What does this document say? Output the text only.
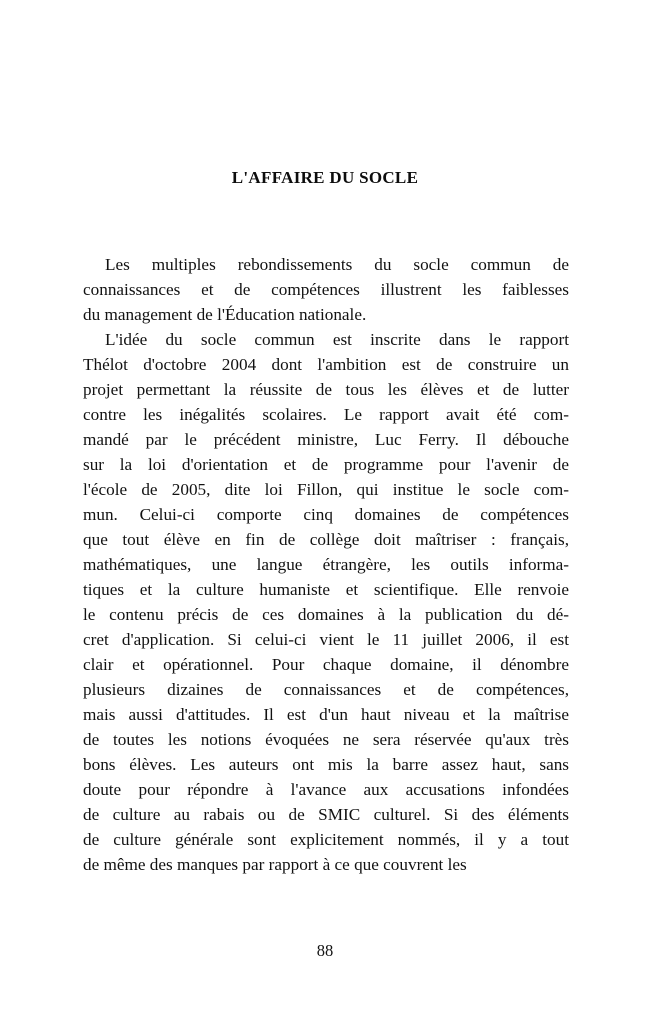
L'AFFAIRE DU SOCLE

Les multiples rebondissements du socle commun de
connaissances et de compétences illustrent les faiblesses
du management de l'Éducation nationale.

L'idée du socle commun est inscrite dans le rapport
Thélot d'octobre 2004 dont l'ambition est de construire un
projet permettant la réussite de tous les élèves et de lutter
contre les inégalités scolaires. Le rapport avait été com-
mandé par le précédent ministre, Luc Ferry. Il débouche
sur la loi d'orientation et de programme pour l'avenir de
l'école de 2005, dite loi Fillon, qui institue le socle com-
mun. Celui-ci comporte cinq domaines de compétences
que tout élève en fin de collège doit maîtriser : français,
mathématiques, une langue étrangère, les outils informa-
tiques et la culture humaniste et scientifique. Elle renvoie
le contenu précis de ces domaines à la publication du dé-
cret d'application. Si celui-ci vient le 11 juillet 2006, il est
clair et opérationnel. Pour chaque domaine, il dénombre
plusieurs dizaines de connaissances et de compétences,
mais aussi d'attitudes. Il est d'un haut niveau et la maîtrise
de toutes les notions évoquées ne sera réservée qu'aux très
bons élèves. Les auteurs ont mis la barre assez haut, sans
doute pour répondre à l'avance aux accusations infondées
de culture au rabais ou de SMIC culturel. Si des éléments
de culture générale sont explicitement nommés, il y a tout
de même des manques par rapport à ce que couvrent les

88
